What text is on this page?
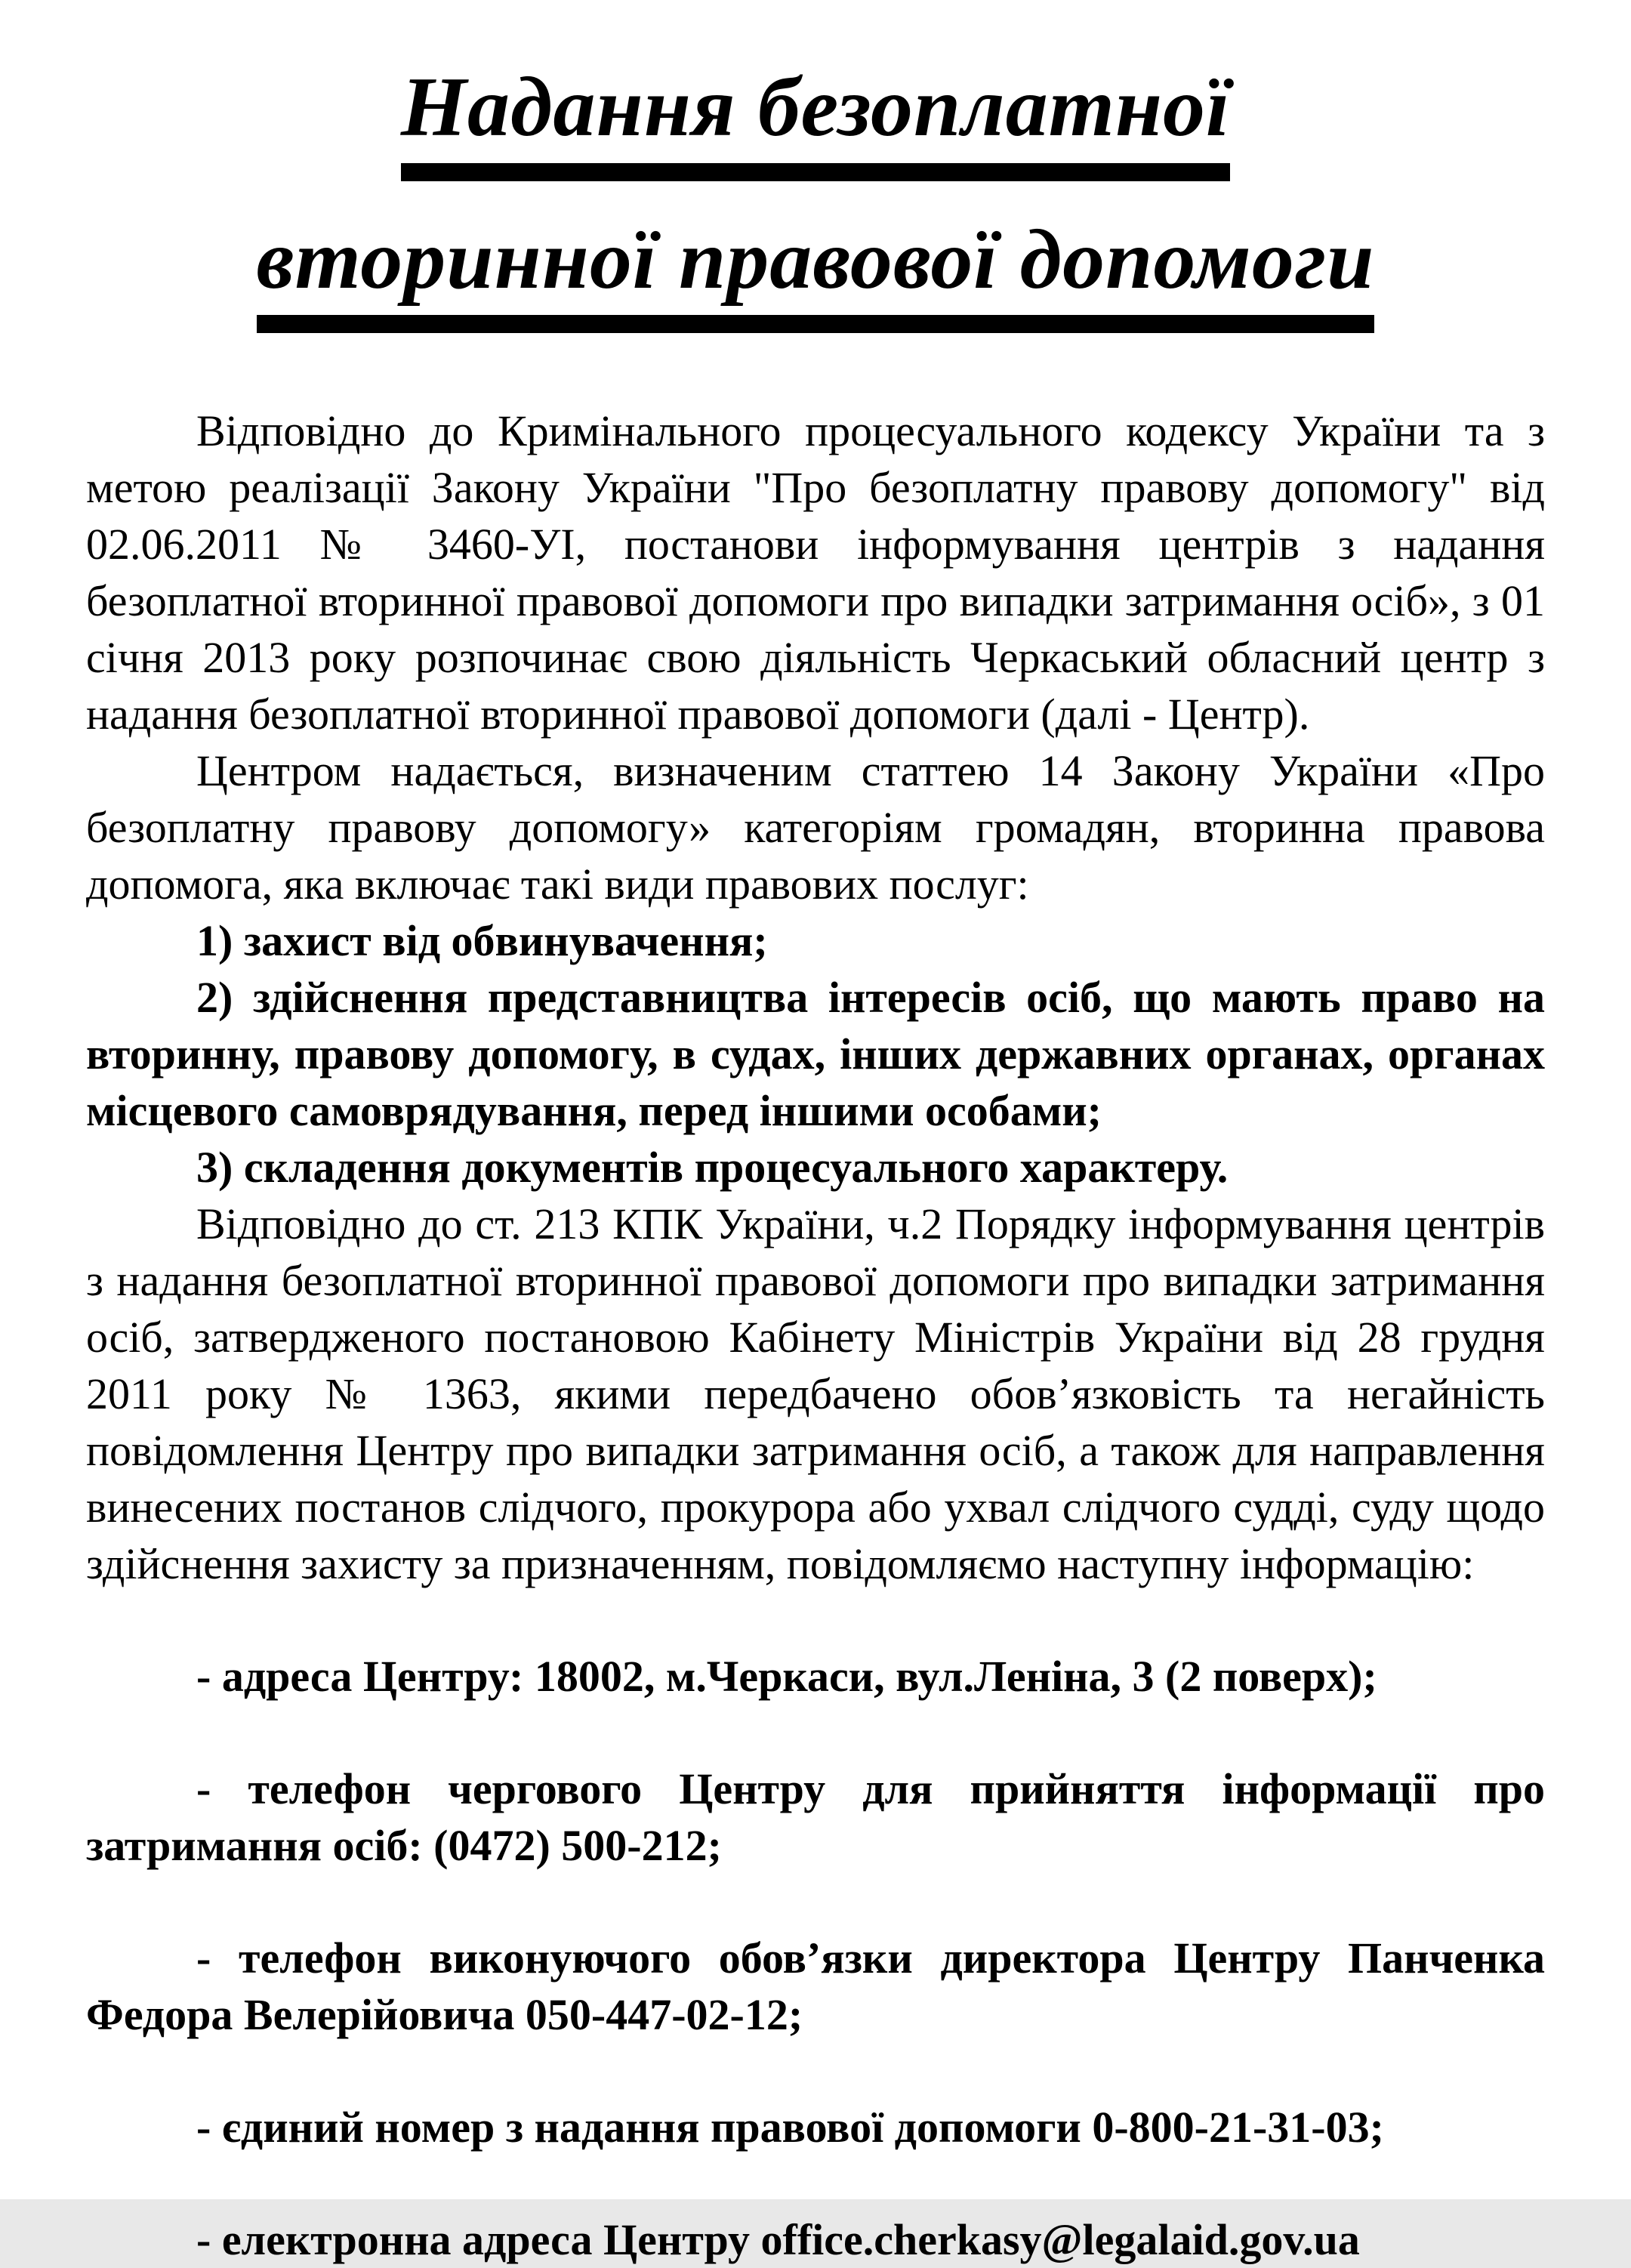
Надання безоплатної
вторинної правової допомоги

Відповідно до Кримінального процесуального кодексу України та з метою реалізації Закону України "Про безоплатну правову допомогу" від 02.06.2011 № 3460-УІ, постанови інформування центрів з надання безоплатної вторинної правової допомоги про випадки затримання осіб», з 01 січня 2013 року розпочинає свою діяльність Черкаський обласний центр з надання безоплатної вторинної правової допомоги (далі - Центр).

Центром надається, визначеним статтею 14 Закону України «Про безоплатну правову допомогу» категоріям громадян, вторинна правова допомога, яка включає такі види правових послуг:

1) захист від обвинувачення;

2) здійснення представництва інтересів осіб, що мають право на вторинну, правову допомогу, в судах, інших державних органах, органах місцевого самоврядування, перед іншими особами;

3) складення документів процесуального характеру.

Відповідно до ст. 213 КПК України, ч.2 Порядку інформування центрів з надання безоплатної вторинної правової допомоги про випадки затримання осіб, затвердженого постановою Кабінету Міністрів України від 28 грудня 2011 року № 1363, якими передбачено обов’язковість та негайність повідомлення Центру про випадки затримання осіб, а також для направлення винесених постанов слідчого, прокурора або ухвал слідчого судді, суду щодо здійснення захисту за призначенням, повідомляємо наступну інформацію:

- адреса Центру: 18002, м.Черкаси, вул.Леніна, 3 (2 поверх);

- телефон чергового Центру для прийняття інформації про затримання осіб: (0472) 500-212;

- телефон виконуючого обов’язки директора Центру Панченка Федора Велерійовича 050-447-02-12;

- єдиний номер з надання правової допомоги 0-800-21-31-03;

- електронна адреса Центру office.cherkasy@legalaid.gov.ua
